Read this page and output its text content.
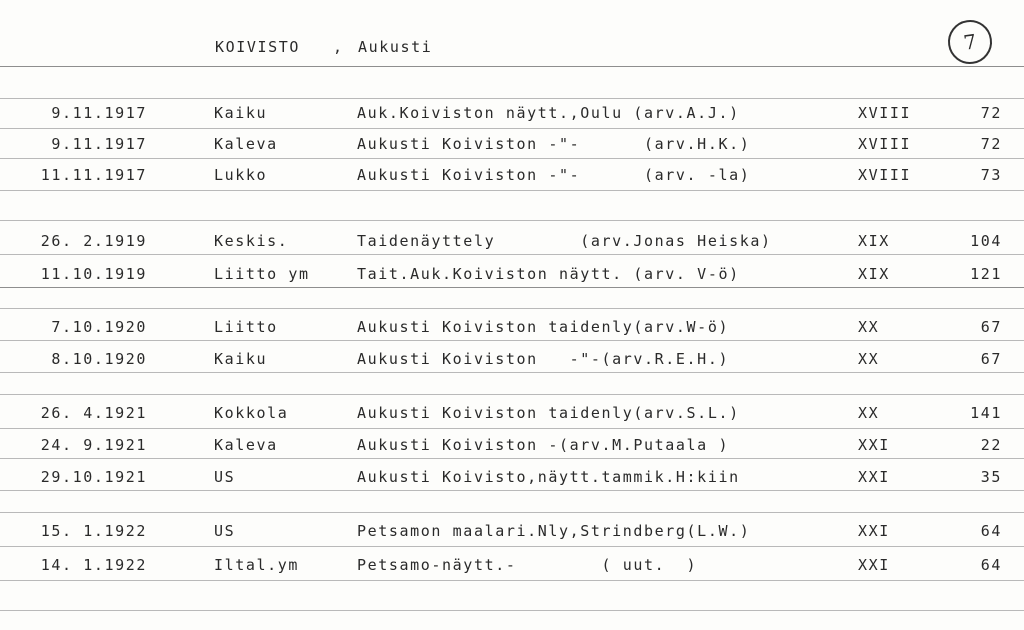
KOIVISTO , Aukusti	7
9.11.1917	Kaiku	Auk.Koiviston näytt.,Oulu (arv.A.J.)	XVIII	72
9.11.1917	Kaleva	Aukusti Koiviston -"-      (arv.H.K.)	XVIII	72
11.11.1917	Lukko	Aukusti Koiviston -"-      (arv. -la)	XVIII	73
26. 2.1919	Keskis.	Taidenäyttely        (arv.Jonas Heiska)	XIX	104
11.10.1919	Liitto ym	Tait.Auk.Koiviston näytt. (arv. V-ö)	XIX	121
7.10.1920	Liitto	Aukusti Koiviston taidenly(arv.W-ö)	XX	67
8.10.1920	Kaiku	Aukusti Koiviston   -"-(arv.R.E.H.)	XX	67
26. 4.1921	Kokkola	Aukusti Koiviston taidenly(arv.S.L.)	XX	141
24. 9.1921	Kaleva	Aukusti Koiviston -(arv.M.Putaala )	XXI	22
29.10.1921	US	Aukusti Koivisto,näytt.tammik.H:kiin	XXI	35
15. 1.1922	US	Petsamon maalari.Nly,Strindberg(L.W.)	XXI	64
14. 1.1922	Iltal.ym	Petsamo-näytt.-        ( uut.  )	XXI	64
